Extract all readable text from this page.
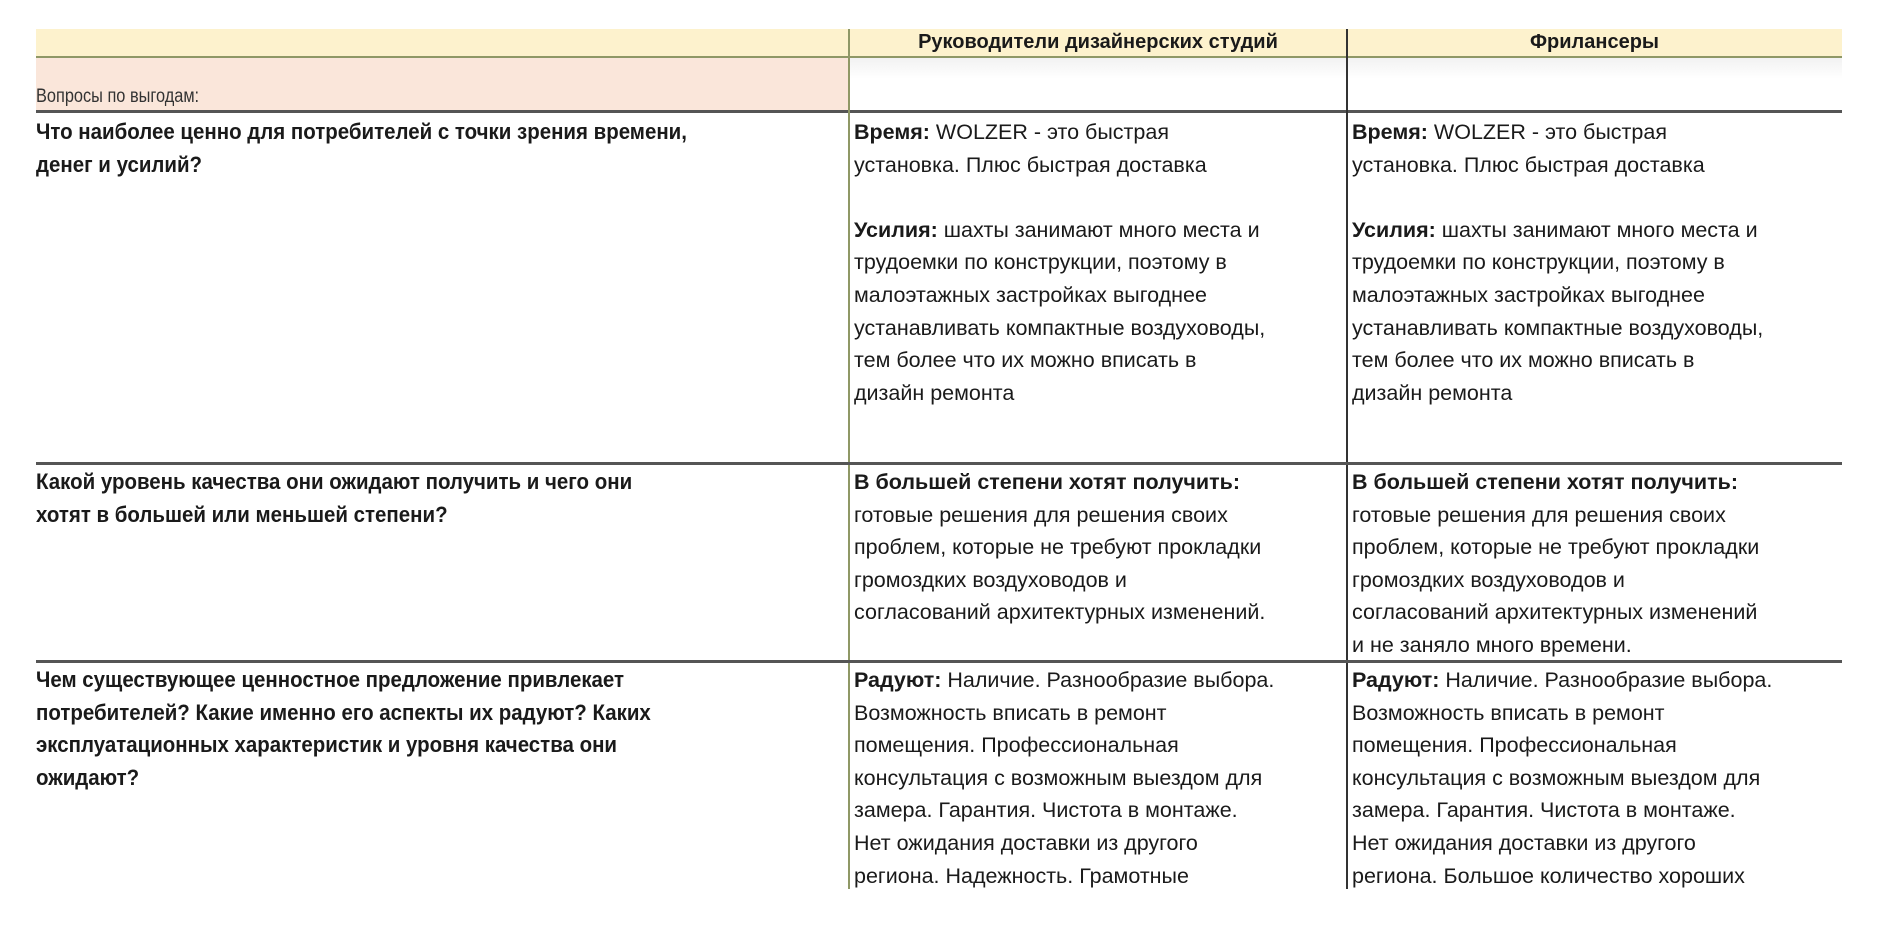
Руководители дизайнерских студий	Фрилансеры
Вопросы по выгодам:
Что наиболее ценно для потребителей с точки зрения времени,
денег и усилий?
Время: WOLZER - это быстрая
установка. Плюс быстрая доставка
Усилия: шахты занимают много места и
трудоемки по конструкции, поэтому в
малоэтажных застройках выгоднее
устанавливать компактные воздуховоды,
тем более что их можно вписать в
дизайн ремонта
Время: WOLZER - это быстрая
установка. Плюс быстрая доставка
Усилия: шахты занимают много места и
трудоемки по конструкции, поэтому в
малоэтажных застройках выгоднее
устанавливать компактные воздуховоды,
тем более что их можно вписать в
дизайн ремонта
Какой уровень качества они ожидают получить и чего они
хотят в большей или меньшей степени?
В большей степени хотят получить:
готовые решения для решения своих
проблем, которые не требуют прокладки
громоздких воздуховодов и
согласований архитектурных изменений.
В большей степени хотят получить:
готовые решения для решения своих
проблем, которые не требуют прокладки
громоздких воздуховодов и
согласований архитектурных изменений
и не заняло много времени.
Чем существующее ценностное предложение привлекает
потребителей? Какие именно его аспекты их радуют? Каких
эксплуатационных характеристик и уровня качества они
ожидают?
Радуют: Наличие. Разнообразие выбора.
Возможность вписать в ремонт
помещения. Профессиональная
консультация с возможным выездом для
замера. Гарантия. Чистота в монтаже.
Нет ожидания доставки из другого
региона. Надежность. Грамотные
Радуют: Наличие. Разнообразие выбора.
Возможность вписать в ремонт
помещения. Профессиональная
консультация с возможным выездом для
замера. Гарантия. Чистота в монтаже.
Нет ожидания доставки из другого
региона. Большое количество хороших
